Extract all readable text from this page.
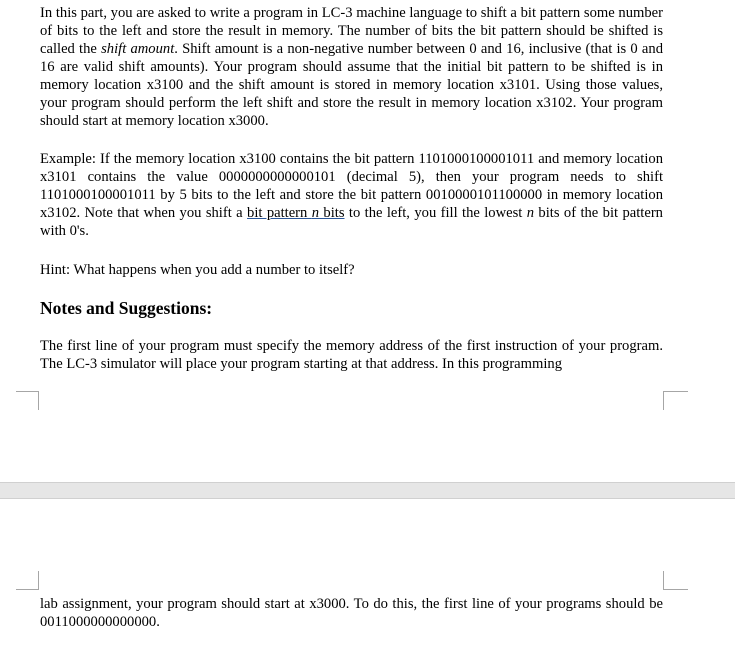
In this part, you are asked to write a program in LC-3 machine language to shift a bit pattern some number of bits to the left and store the result in memory. The number of bits the bit pattern should be shifted is called the shift amount. Shift amount is a non-negative number between 0 and 16, inclusive (that is 0 and 16 are valid shift amounts). Your program should assume that the initial bit pattern to be shifted is in memory location x3100 and the shift amount is stored in memory location x3101. Using those values, your program should perform the left shift and store the result in memory location x3102. Your program should start at memory location x3000.

Example: If the memory location x3100 contains the bit pattern 1101000100001011 and memory location x3101 contains the value 0000000000000101 (decimal 5), then your program needs to shift 1101000100001011 by 5 bits to the left and store the bit pattern 0010000101100000 in memory location x3102. Note that when you shift a bit pattern n bits to the left, you fill the lowest n bits of the bit pattern with 0's.

Hint: What happens when you add a number to itself?

Notes and Suggestions:

The first line of your program must specify the memory address of the first instruction of your program. The LC-3 simulator will place your program starting at that address. In this programming

lab assignment, your program should start at x3000. To do this, the first line of your programs should be 0011000000000000.
